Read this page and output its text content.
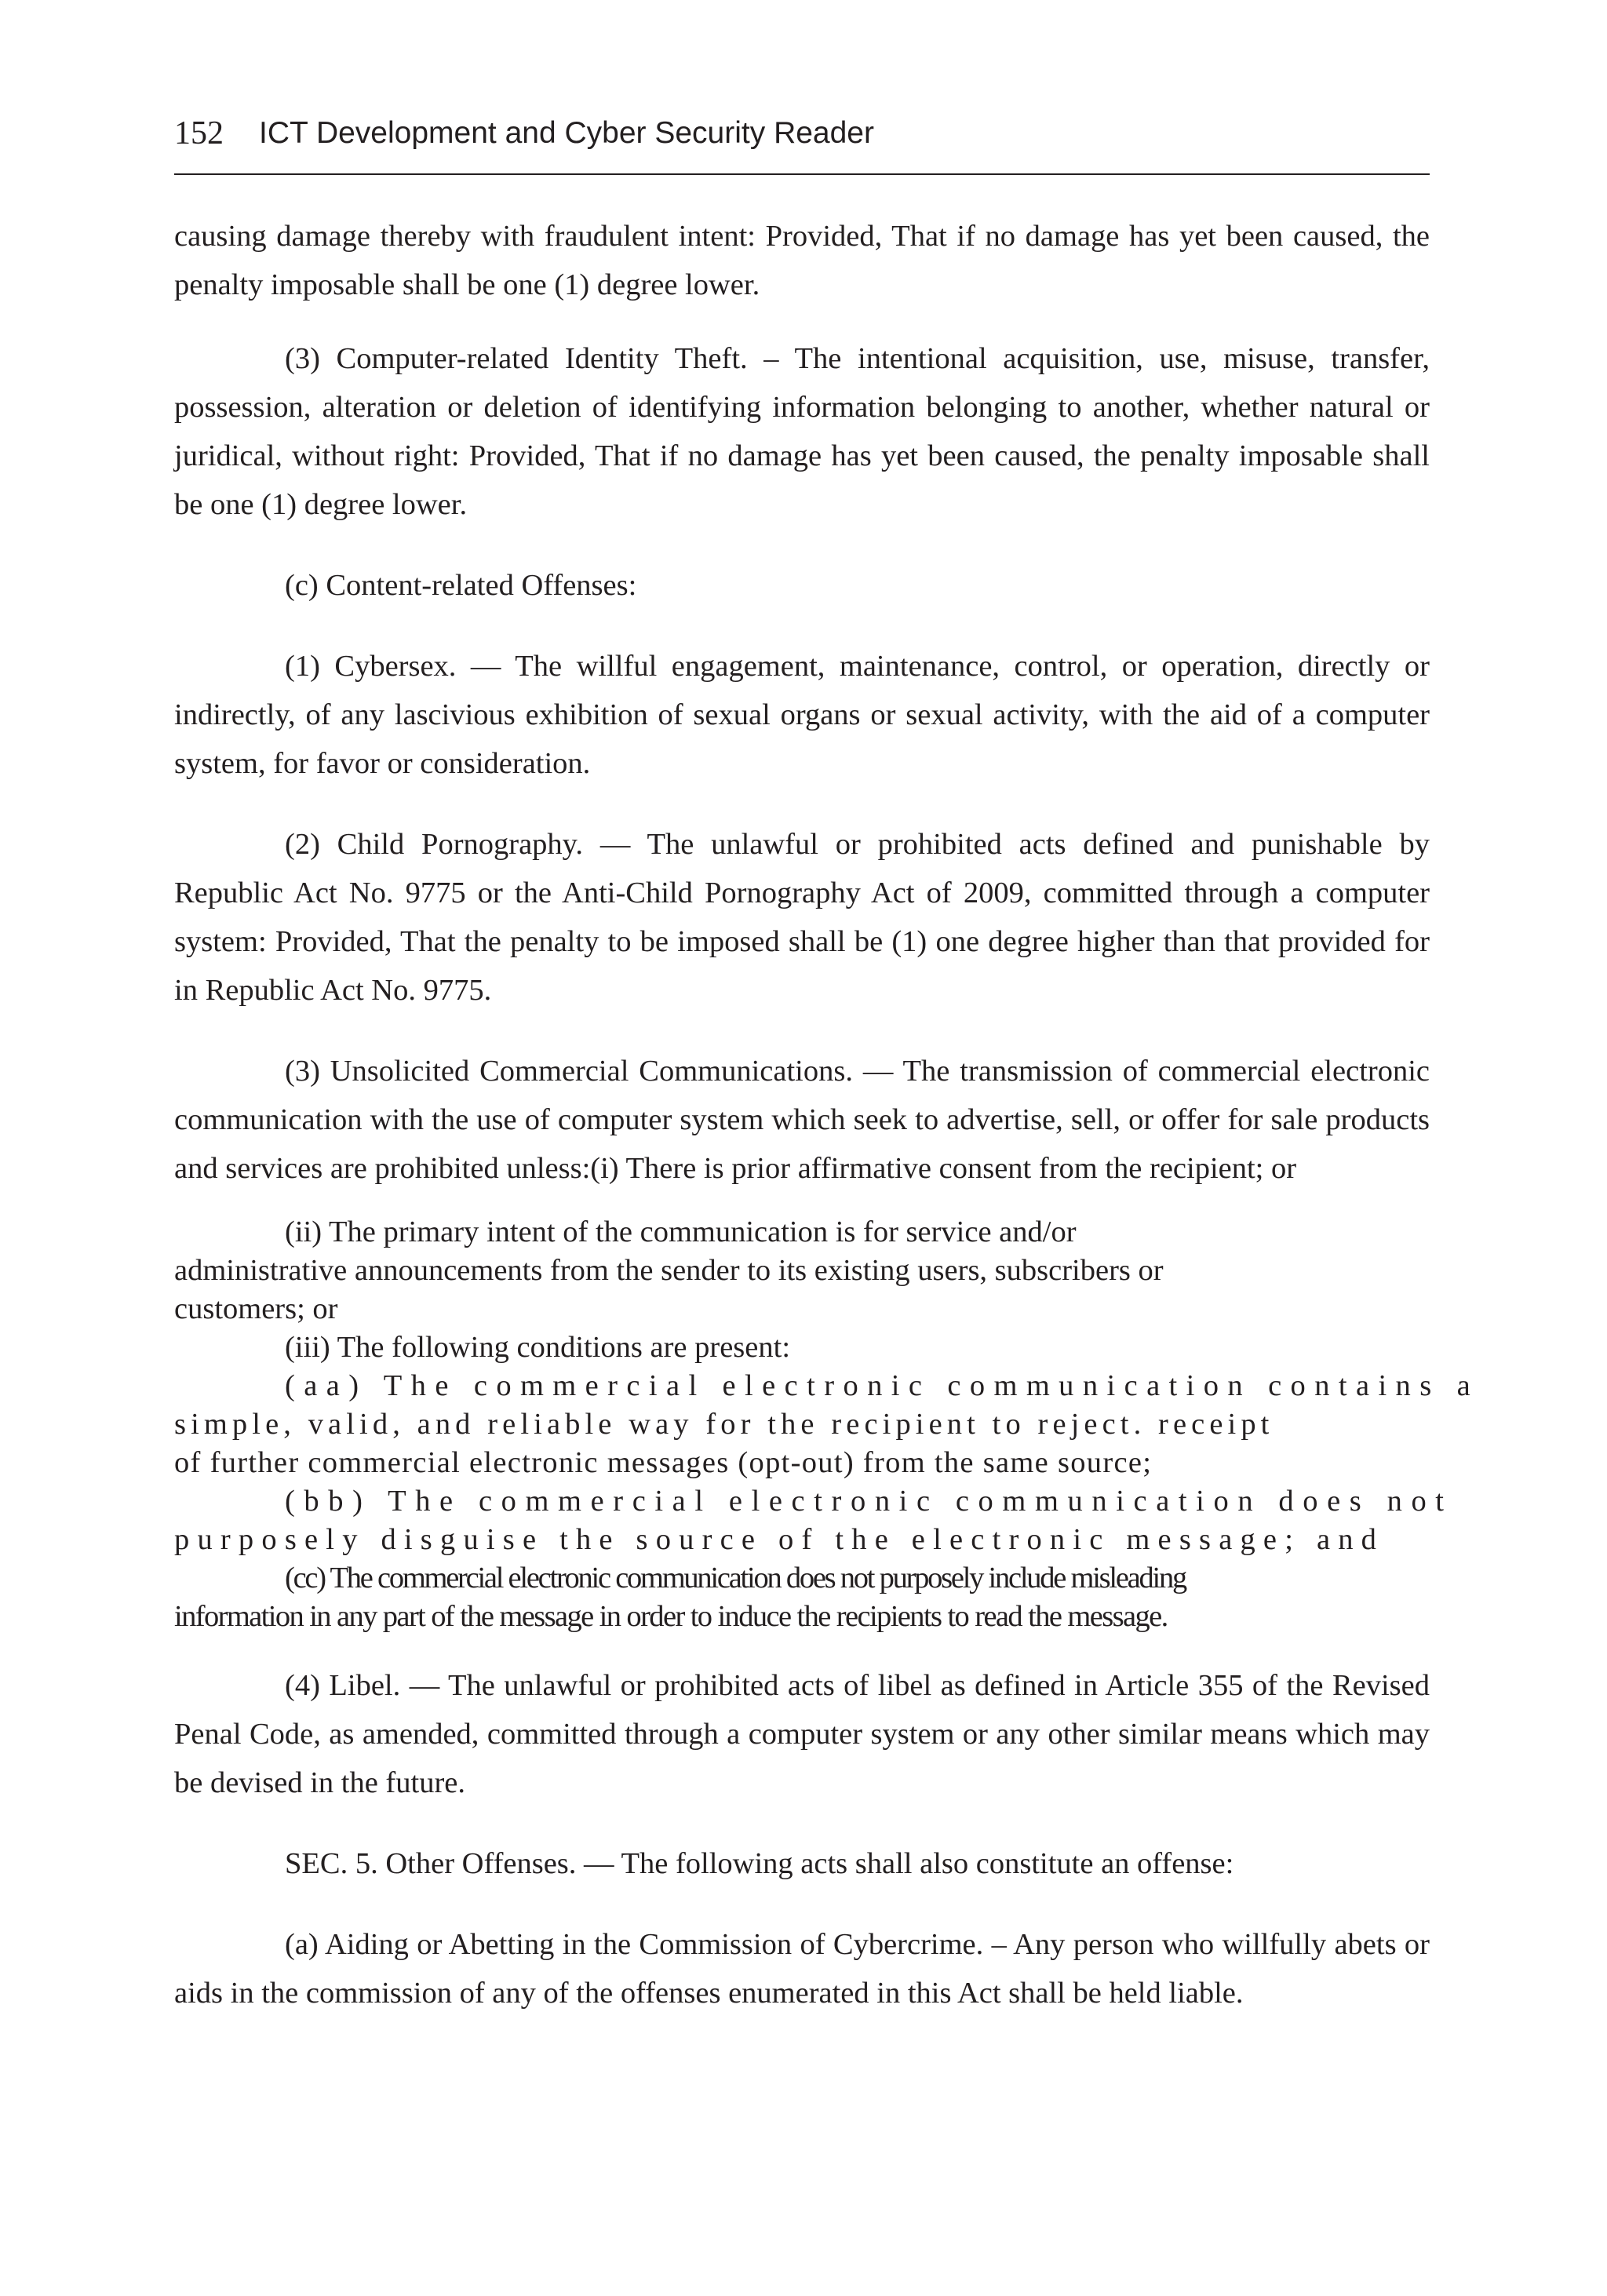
152 ICT Development and Cyber Security Reader

causing damage thereby with fraudulent intent: Provided, That if no damage has yet been caused, the penalty imposable shall be one (1) degree lower.

(3) Computer-related Identity Theft. – The intentional acquisition, use, misuse, transfer, possession, alteration or deletion of identifying information belonging to another, whether natural or juridical, without right: Provided, That if no damage has yet been caused, the penalty imposable shall be one (1) degree lower.

(c) Content-related Offenses:

(1) Cybersex. — The willful engagement, maintenance, control, or operation, directly or indirectly, of any lascivious exhibition of sexual organs or sexual activity, with the aid of a computer system, for favor or consideration.

(2) Child Pornography. — The unlawful or prohibited acts defined and punishable by Republic Act No. 9775 or the Anti-Child Pornography Act of 2009, committed through a computer system: Provided, That the penalty to be imposed shall be (1) one degree higher than that provided for in Republic Act No. 9775.

(3) Unsolicited Commercial Communications. — The transmission of commercial electronic communication with the use of computer system which seek to advertise, sell, or offer for sale products and services are prohibited unless:(i) There is prior affirmative consent from the recipient; or

(ii) The primary intent of the communication is for service and/or
administrative announcements from the sender to its existing users, subscribers or
customers; or
(iii) The following conditions are present:
(aa) The commercial electronic communication contains a
simple, valid, and reliable way for the recipient to reject. receipt
of further commercial electronic messages (opt-out) from the same source;
(bb) The commercial electronic communication does not
purposely disguise the source of the electronic message; and
(cc) The commercial electronic communication does not purposely include misleading
information in any part of the message in order to induce the recipients to read the message.

(4) Libel. — The unlawful or prohibited acts of libel as defined in Article 355 of the Revised Penal Code, as amended, committed through a computer system or any other similar means which may be devised in the future.

SEC. 5. Other Offenses. — The following acts shall also constitute an offense:

(a) Aiding or Abetting in the Commission of Cybercrime. – Any person who willfully abets or aids in the commission of any of the offenses enumerated in this Act shall be held liable.
